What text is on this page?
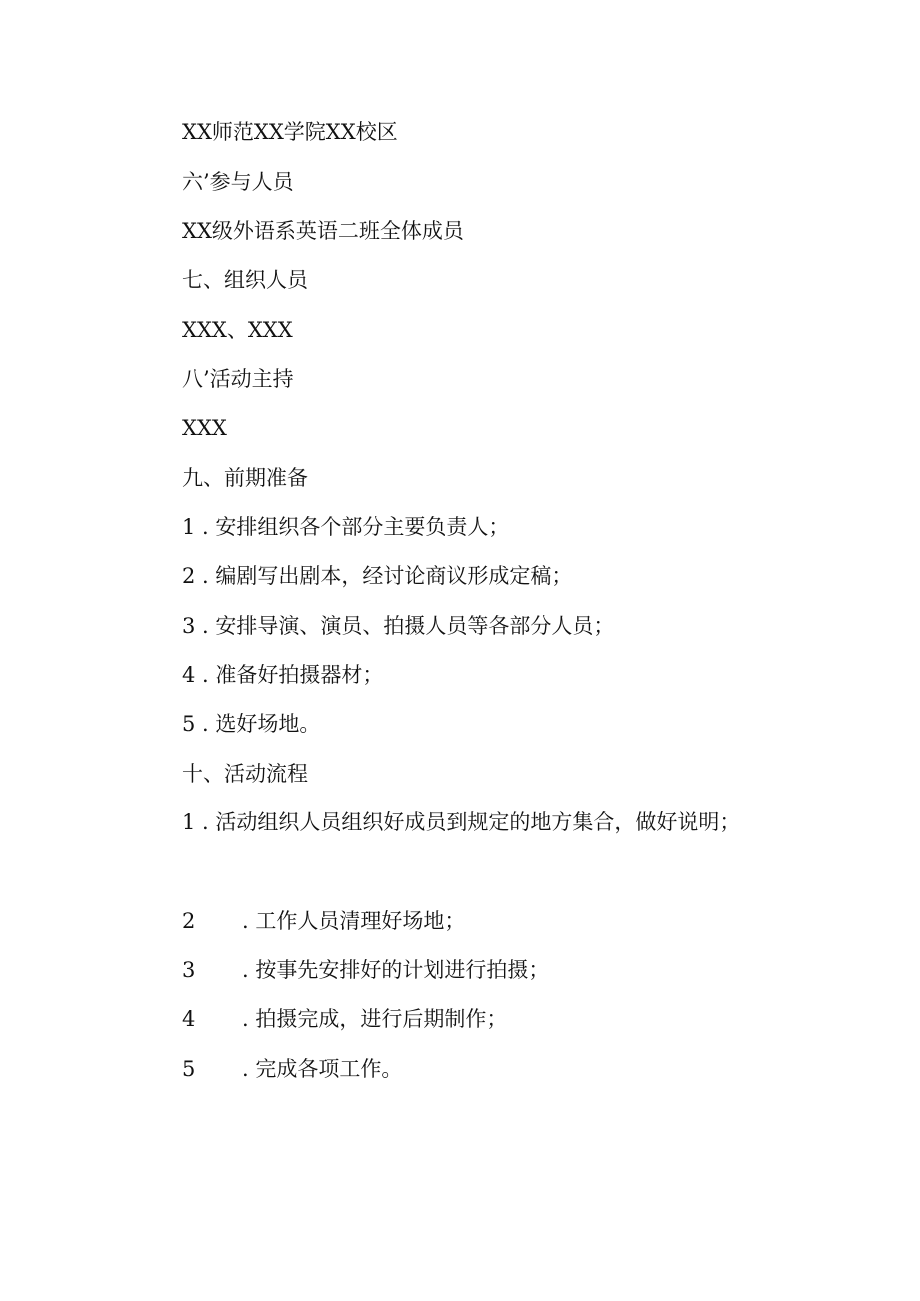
XX师范XX学院XX校区
六’参与人员
XX级外语系英语二班全体成员
七、组织人员
XXX、XXX
八’活动主持
XXX
九、前期准备
1 . 安排组织各个部分主要负责人；
2 . 编剧写出剧本，经讨论商议形成定稿；
3 . 安排导演、演员、拍摄人员等各部分人员；
4 . 准备好拍摄器材；
5 . 选好场地。
十、活动流程
1 . 活动组织人员组织好成员到规定的地方集合，做好说明；
2 . 工作人员清理好场地；
3 . 按事先安排好的计划进行拍摄；
4 . 拍摄完成，进行后期制作；
5 . 完成各项工作。
